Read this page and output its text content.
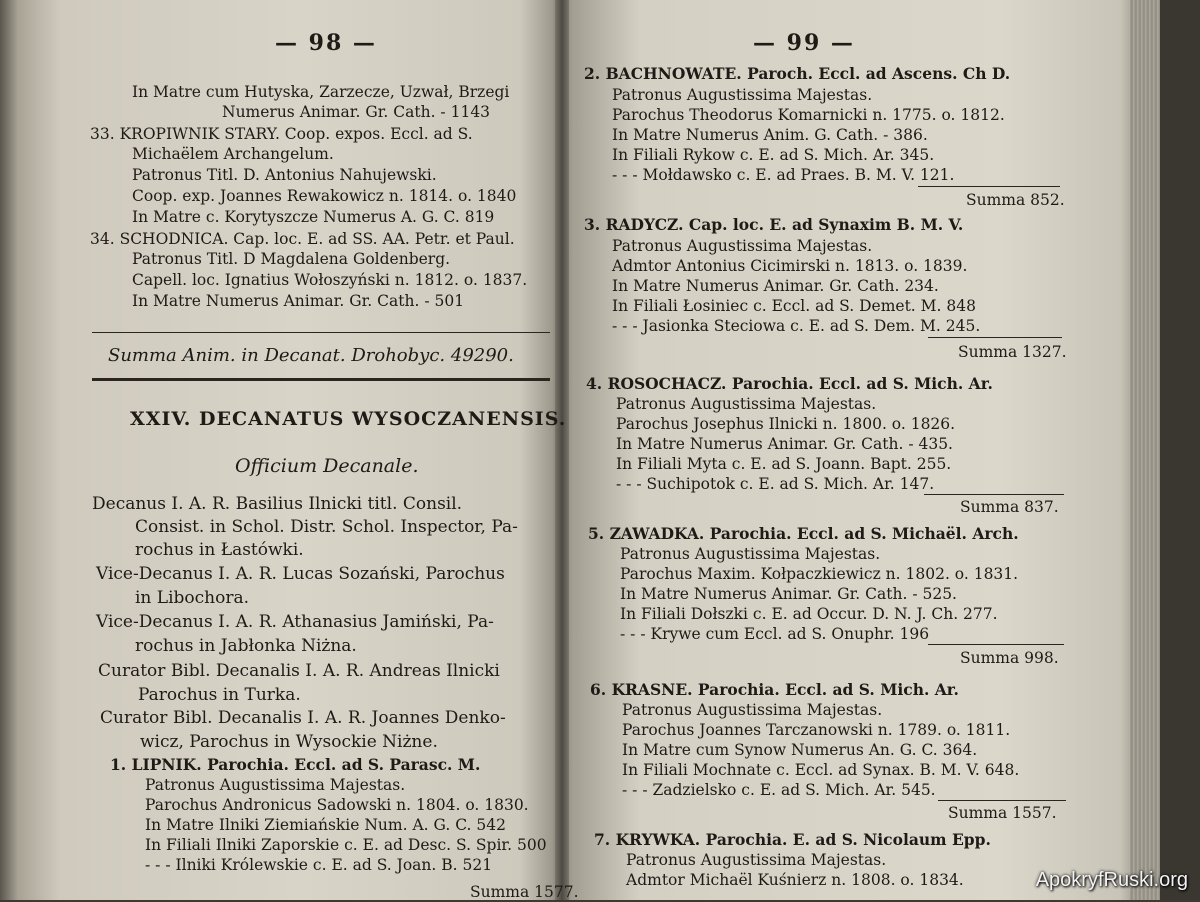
— 98 —
In Matre cum Hutyska, Zarzecze, Uzwał, Brzegi
Numerus Animar. Gr. Cath. - 1143
33. KROPIWNIK STARY. Coop. expos. Eccl. ad S.
Michaëlem Archangelum.
Patronus Titl. D. Antonius Nahujewski.
Coop. exp. Joannes Rewakowicz n. 1814. o. 1840
In Matre c. Korytyszcze Numerus A. G. C. 819
34. SCHODNICA. Cap. loc. E. ad SS. AA. Petr. et Paul.
Patronus Titl. D Magdalena Goldenberg.
Capell. loc. Ignatius Wołoszyński n. 1812. o. 1837.
In Matre Numerus Animar. Gr. Cath. - 501
Summa Anim. in Decanat. Drohobyc. 49290.
XXIV. DECANATUS WYSOCZANENSIS.
Officium Decanale.
Decanus I. A. R. Basilius Ilnicki titl. Consil.
Consist. in Schol. Distr. Schol. Inspector, Pa-
rochus in Łastówki.
Vice-Decanus I. A. R. Lucas Sozański, Parochus
in Libochora.
Vice-Decanus I. A. R. Athanasius Jamiński, Pa-
rochus in Jabłonka Niżna.
Curator Bibl. Decanalis I. A. R. Andreas Ilnicki
Parochus in Turka.
Curator Bibl. Decanalis I. A. R. Joannes Denko-
wicz, Parochus in Wysockie Niżne.
1. LIPNIK. Parochia. Eccl. ad S. Parasc. M.
Patronus Augustissima Majestas.
Parochus Andronicus Sadowski n. 1804. o. 1830.
In Matre Ilniki Ziemiańskie Num. A. G. C. 542
In Filiali Ilniki Zaporskie c. E. ad Desc. S. Spir. 500
- - - Ilniki Królewskie c. E. ad S. Joan. B. 521
Summa 1577.
— 99 —
2. BACHNOWATE. Paroch. Eccl. ad Ascens. Ch D.
Patronus Augustissima Majestas.
Parochus Theodorus Komarnicki n. 1775. o. 1812.
In Matre Numerus Anim. G. Cath. - 386.
In Filiali Rykow c. E. ad S. Mich. Ar. 345.
- - - Mołdawsko c. E. ad Praes. B. M. V. 121.
Summa 852.
3. RADYCZ. Cap. loc. E. ad Synaxim B. M. V.
Patronus Augustissima Majestas.
Admtor Antonius Cicimirski n. 1813. o. 1839.
In Matre Numerus Animar. Gr. Cath. 234.
In Filiali Łosiniec c. Eccl. ad S. Demet. M. 848
- - - Jasionka Steciowa c. E. ad S. Dem. M. 245.
Summa 1327.
4. ROSOCHACZ. Parochia. Eccl. ad S. Mich. Ar.
Patronus Augustissima Majestas.
Parochus Josephus Ilnicki n. 1800. o. 1826.
In Matre Numerus Animar. Gr. Cath. - 435.
In Filiali Myta c. E. ad S. Joann. Bapt. 255.
- - - Suchipotok c. E. ad S. Mich. Ar. 147.
Summa 837.
5. ZAWADKA. Parochia. Eccl. ad S. Michaël. Arch.
Patronus Augustissima Majestas.
Parochus Maxim. Kołpaczkiewicz n. 1802. o. 1831.
In Matre Numerus Animar. Gr. Cath. - 525.
In Filiali Dołszki c. E. ad Occur. D. N. J. Ch. 277.
- - - Krywe cum Eccl. ad S. Onuphr. 196
Summa 998.
6. KRASNE. Parochia. Eccl. ad S. Mich. Ar.
Patronus Augustissima Majestas.
Parochus Joannes Tarczanowski n. 1789. o. 1811.
In Matre cum Synow Numerus An. G. C. 364.
In Filiali Mochnate c. Eccl. ad Synax. B. M. V. 648.
- - - Zadzielsko c. E. ad S. Mich. Ar. 545.
Summa 1557.
7. KRYWKA. Parochia. E. ad S. Nicolaum Epp.
Patronus Augustissima Majestas.
Admtor Michaël Kuśnierz n. 1808. o. 1834.	ApokryfRuski.org
